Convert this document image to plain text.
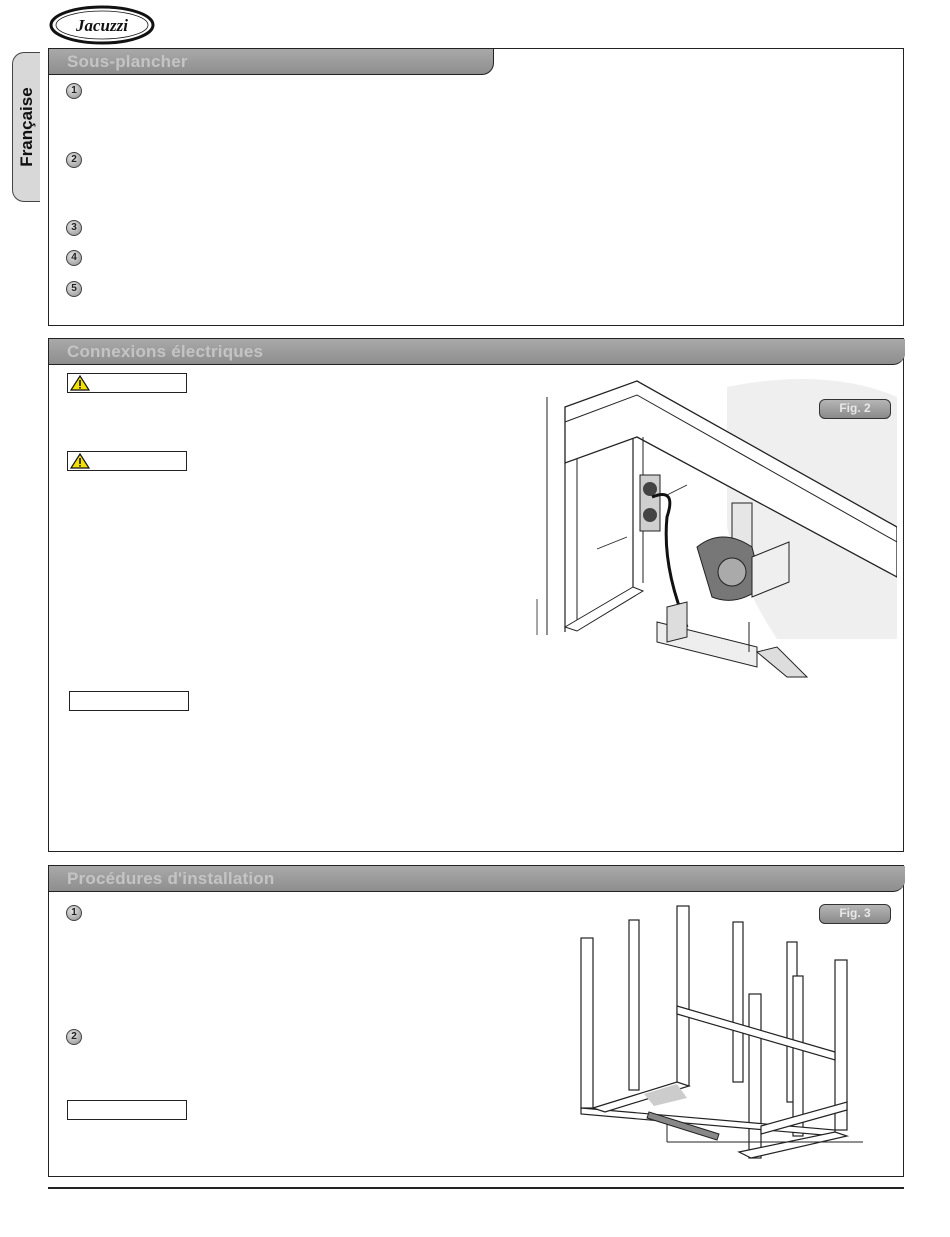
Jacuzzi
Française
Sous-plancher
1
2
3
4
5
Connexions électriques
Fig. 2
Procédures d'installation
1
2
Fig. 3
